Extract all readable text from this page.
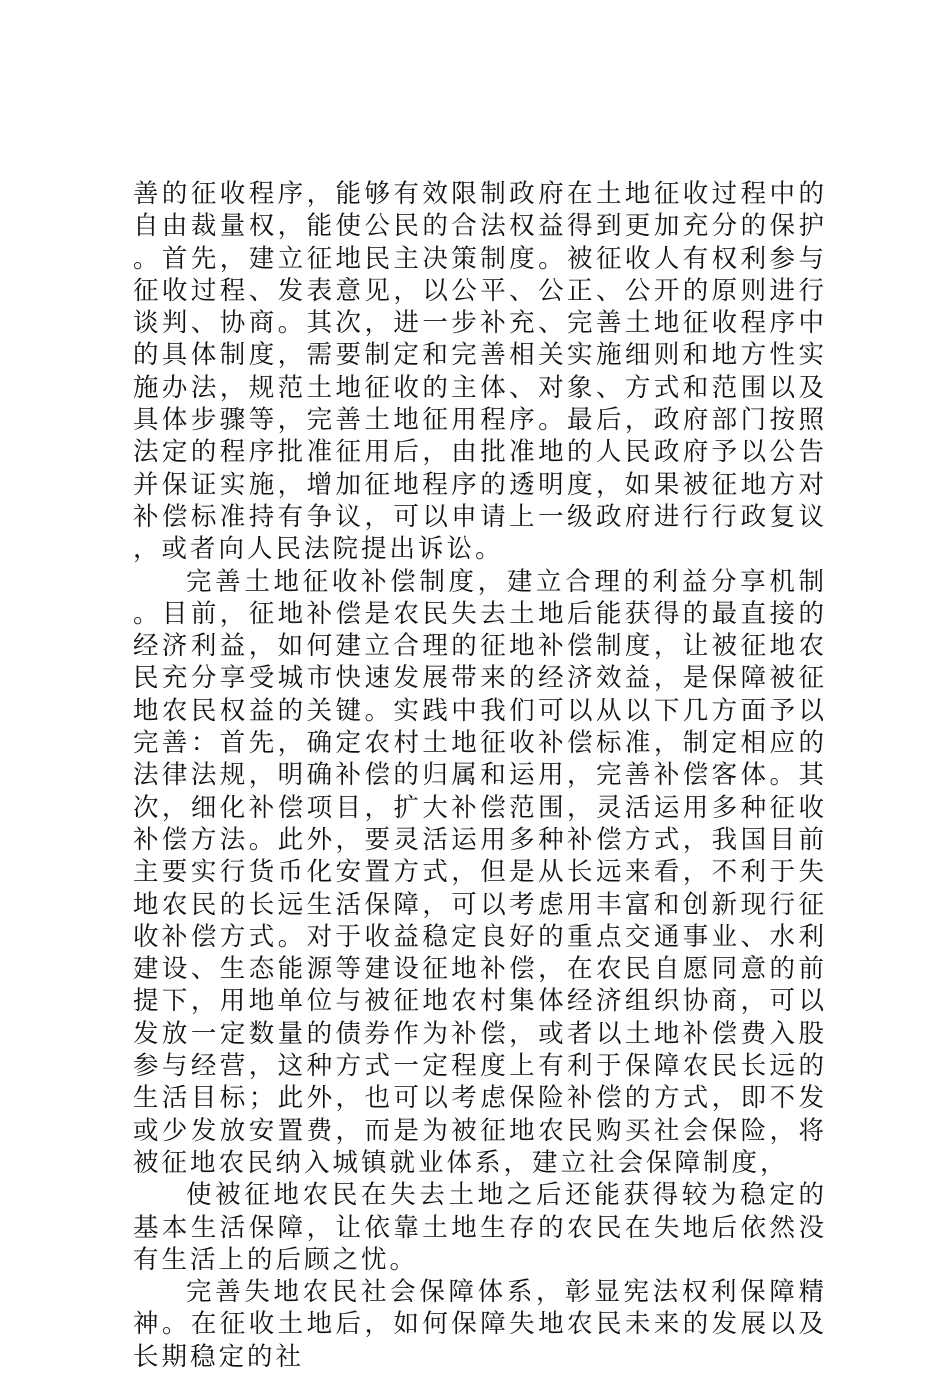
善的征收程序，能够有效限制政府在土地征收过程中的自由裁量权，能使公民的合法权益得到更加充分的保护。首先，建立征地民主决策制度。被征收人有权利参与征收过程、发表意见，以公平、公正、公开的原则进行谈判、协商。其次，进一步补充、完善土地征收程序中的具体制度，需要制定和完善相关实施细则和地方性实施办法，规范土地征收的主体、对象、方式和范围以及具体步骤等，完善土地征用程序。最后，政府部门按照法定的程序批准征用后，由批准地的人民政府予以公告并保证实施，增加征地程序的透明度，如果被征地方对补偿标准持有争议，可以申请上一级政府进行行政复议，或者向人民法院提出诉讼。

完善土地征收补偿制度，建立合理的利益分享机制。目前，征地补偿是农民失去土地后能获得的最直接的经济利益，如何建立合理的征地补偿制度，让被征地农民充分享受城市快速发展带来的经济效益，是保障被征地农民权益的关键。实践中我们可以从以下几方面予以完善：首先，确定农村土地征收补偿标准，制定相应的法律法规，明确补偿的归属和运用，完善补偿客体。其次，细化补偿项目，扩大补偿范围，灵活运用多种征收补偿方法。此外，要灵活运用多种补偿方式，我国目前主要实行货币化安置方式，但是从长远来看，不利于失地农民的长远生活保障，可以考虑用丰富和创新现行征收补偿方式。对于收益稳定良好的重点交通事业、水利建设、生态能源等建设征地补偿，在农民自愿同意的前提下，用地单位与被征地农村集体经济组织协商，可以发放一定数量的债券作为补偿，或者以土地补偿费入股参与经营，这种方式一定程度上有利于保障农民长远的生活目标；此外，也可以考虑保险补偿的方式，即不发或少发放安置费，而是为被征地农民购买社会保险，将被征地农民纳入城镇就业体系，建立社会保障制度，

使被征地农民在失去土地之后还能获得较为稳定的基本生活保障，让依靠土地生存的农民在失地后依然没有生活上的后顾之忧。

完善失地农民社会保障体系，彰显宪法权利保障精神。在征收土地后，如何保障失地农民未来的发展以及长期稳定的社
